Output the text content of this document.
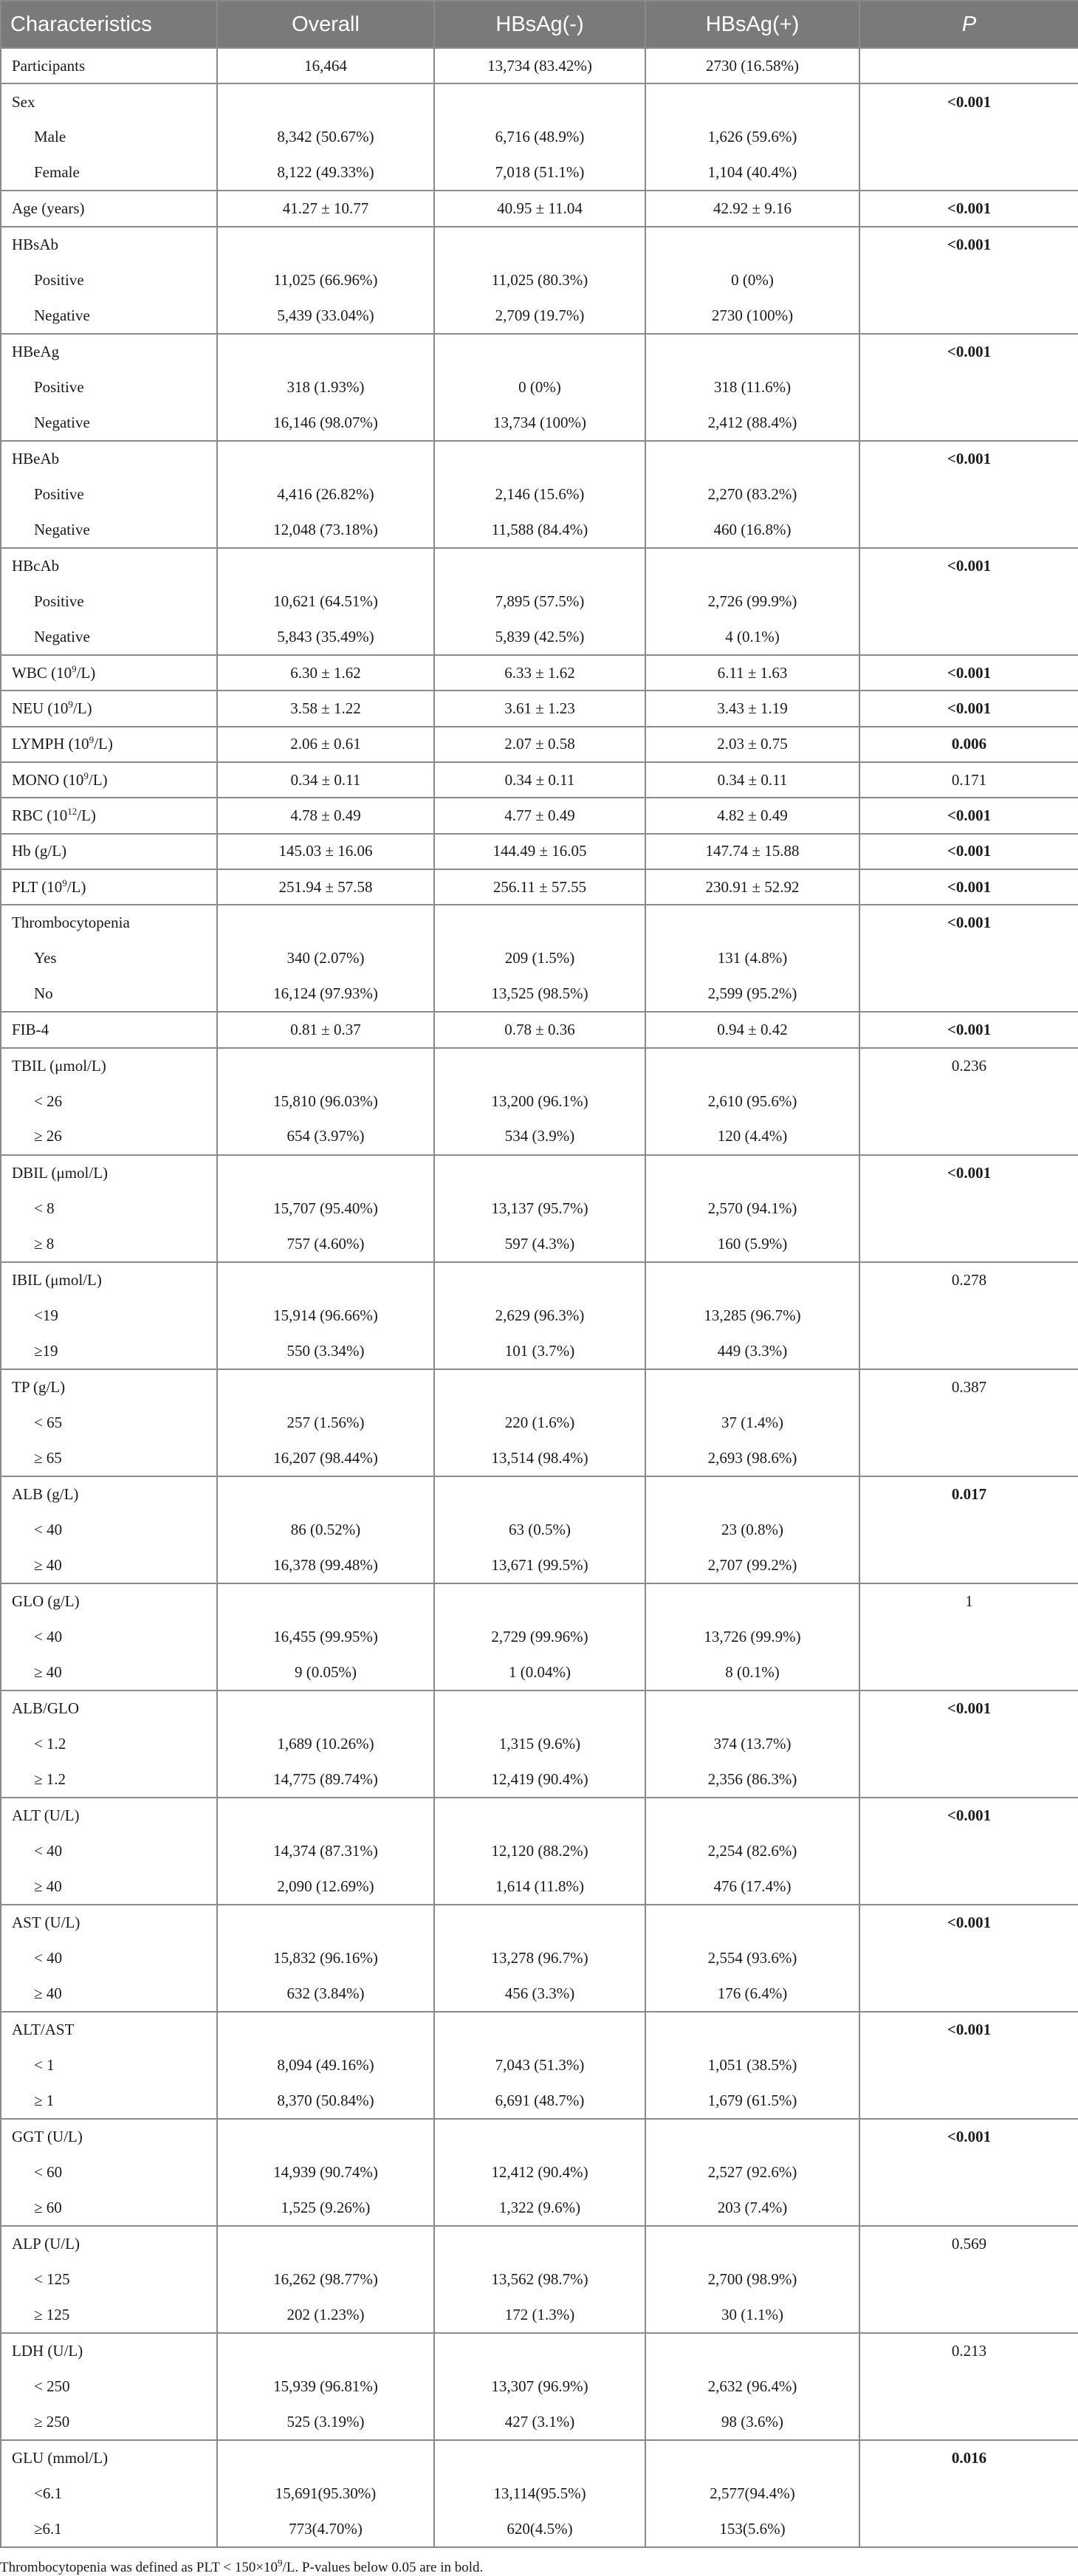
Characteristics	Overall	HBsAg(-)	HBsAg(+)	P
Participants	16,464	13,734 (83.42%)	2730 (16.58%)	
Sex				<0.001
Male	8,342 (50.67%)	6,716 (48.9%)	1,626 (59.6%)	
Female	8,122 (49.33%)	7,018 (51.1%)	1,104 (40.4%)	
Age (years)	41.27 ± 10.77	40.95 ± 11.04	42.92 ± 9.16	<0.001
HBsAb				<0.001
Positive	11,025 (66.96%)	11,025 (80.3%)	0 (0%)	
Negative	5,439 (33.04%)	2,709 (19.7%)	2730 (100%)	
HBeAg				<0.001
Positive	318 (1.93%)	0 (0%)	318 (11.6%)	
Negative	16,146 (98.07%)	13,734 (100%)	2,412 (88.4%)	
HBeAb				<0.001
Positive	4,416 (26.82%)	2,146 (15.6%)	2,270 (83.2%)	
Negative	12,048 (73.18%)	11,588 (84.4%)	460 (16.8%)	
HBcAb				<0.001
Positive	10,621 (64.51%)	7,895 (57.5%)	2,726 (99.9%)	
Negative	5,843 (35.49%)	5,839 (42.5%)	4 (0.1%)	
WBC $(10^9/L)$	6.30 ± 1.62	6.33 ± 1.62	6.11 ± 1.63	<0.001
NEU $(10^9/L)$	3.58 ± 1.22	3.61 ± 1.23	3.43 ± 1.19	<0.001
LYMPH $(10^9/L)$	2.06 ± 0.61	2.07 ± 0.58	2.03 ± 0.75	0.006
MONO $(10^9/L)$	0.34 ± 0.11	0.34 ± 0.11	0.34 ± 0.11	0.171
RBC $(10^{12}/L)$	4.78 ± 0.49	4.77 ± 0.49	4.82 ± 0.49	<0.001
Hb (g/L)	145.03 ± 16.06	144.49 ± 16.05	147.74 ± 15.88	<0.001
PLT $(10^9/L)$	251.94 ± 57.58	256.11 ± 57.55	230.91 ± 52.92	<0.001
Thrombocytopenia				<0.001
Yes	340 (2.07%)	209 (1.5%)	131 (4.8%)	
No	16,124 (97.93%)	13,525 (98.5%)	2,599 (95.2%)	
FIB-4	0.81 ± 0.37	0.78 ± 0.36	0.94 ± 0.42	<0.001
TBIL (μmol/L)				0.236
< 26	15,810 (96.03%)	13,200 (96.1%)	2,610 (95.6%)	
≥ 26	654 (3.97%)	534 (3.9%)	120 (4.4%)	
DBIL (μmol/L)				<0.001
< 8	15,707 (95.40%)	13,137 (95.7%)	2,570 (94.1%)	
≥ 8	757 (4.60%)	597 (4.3%)	160 (5.9%)	
IBIL (μmol/L)				0.278
<19	15,914 (96.66%)	2,629 (96.3%)	13,285 (96.7%)	
≥19	550 (3.34%)	101 (3.7%)	449 (3.3%)	
TP (g/L)				0.387
< 65	257 (1.56%)	220 (1.6%)	37 (1.4%)	
≥ 65	16,207 (98.44%)	13,514 (98.4%)	2,693 (98.6%)	
ALB (g/L)				0.017
< 40	86 (0.52%)	63 (0.5%)	23 (0.8%)	
≥ 40	16,378 (99.48%)	13,671 (99.5%)	2,707 (99.2%)	
GLO (g/L)				1
< 40	16,455 (99.95%)	2,729 (99.96%)	13,726 (99.9%)	
≥ 40	9 (0.05%)	1 (0.04%)	8 (0.1%)	
ALB/GLO				<0.001
< 1.2	1,689 (10.26%)	1,315 (9.6%)	374 (13.7%)	
≥ 1.2	14,775 (89.74%)	12,419 (90.4%)	2,356 (86.3%)	
ALT (U/L)				<0.001
< 40	14,374 (87.31%)	12,120 (88.2%)	2,254 (82.6%)	
≥ 40	2,090 (12.69%)	1,614 (11.8%)	476 (17.4%)	
AST (U/L)				<0.001
< 40	15,832 (96.16%)	13,278 (96.7%)	2,554 (93.6%)	
≥ 40	632 (3.84%)	456 (3.3%)	176 (6.4%)	
ALT/AST				<0.001
< 1	8,094 (49.16%)	7,043 (51.3%)	1,051 (38.5%)	
≥ 1	8,370 (50.84%)	6,691 (48.7%)	1,679 (61.5%)	
GGT (U/L)				<0.001
< 60	14,939 (90.74%)	12,412 (90.4%)	2,527 (92.6%)	
≥ 60	1,525 (9.26%)	1,322 (9.6%)	203 (7.4%)	
ALP (U/L)				0.569
< 125	16,262 (98.77%)	13,562 (98.7%)	2,700 (98.9%)	
≥ 125	202 (1.23%)	172 (1.3%)	30 (1.1%)	
LDH (U/L)				0.213
< 250	15,939 (96.81%)	13,307 (96.9%)	2,632 (96.4%)	
≥ 250	525 (3.19%)	427 (3.1%)	98 (3.6%)	
GLU (mmol/L)				0.016
<6.1	15,691(95.30%)	13,114(95.5%)	2,577(94.4%)	
≥6.1	773(4.70%)	620(4.5%)	153(5.6%)	
Thrombocytopenia was defined as PLT < $150\times 10^9/L$. P-values below 0.05 are in bold.
